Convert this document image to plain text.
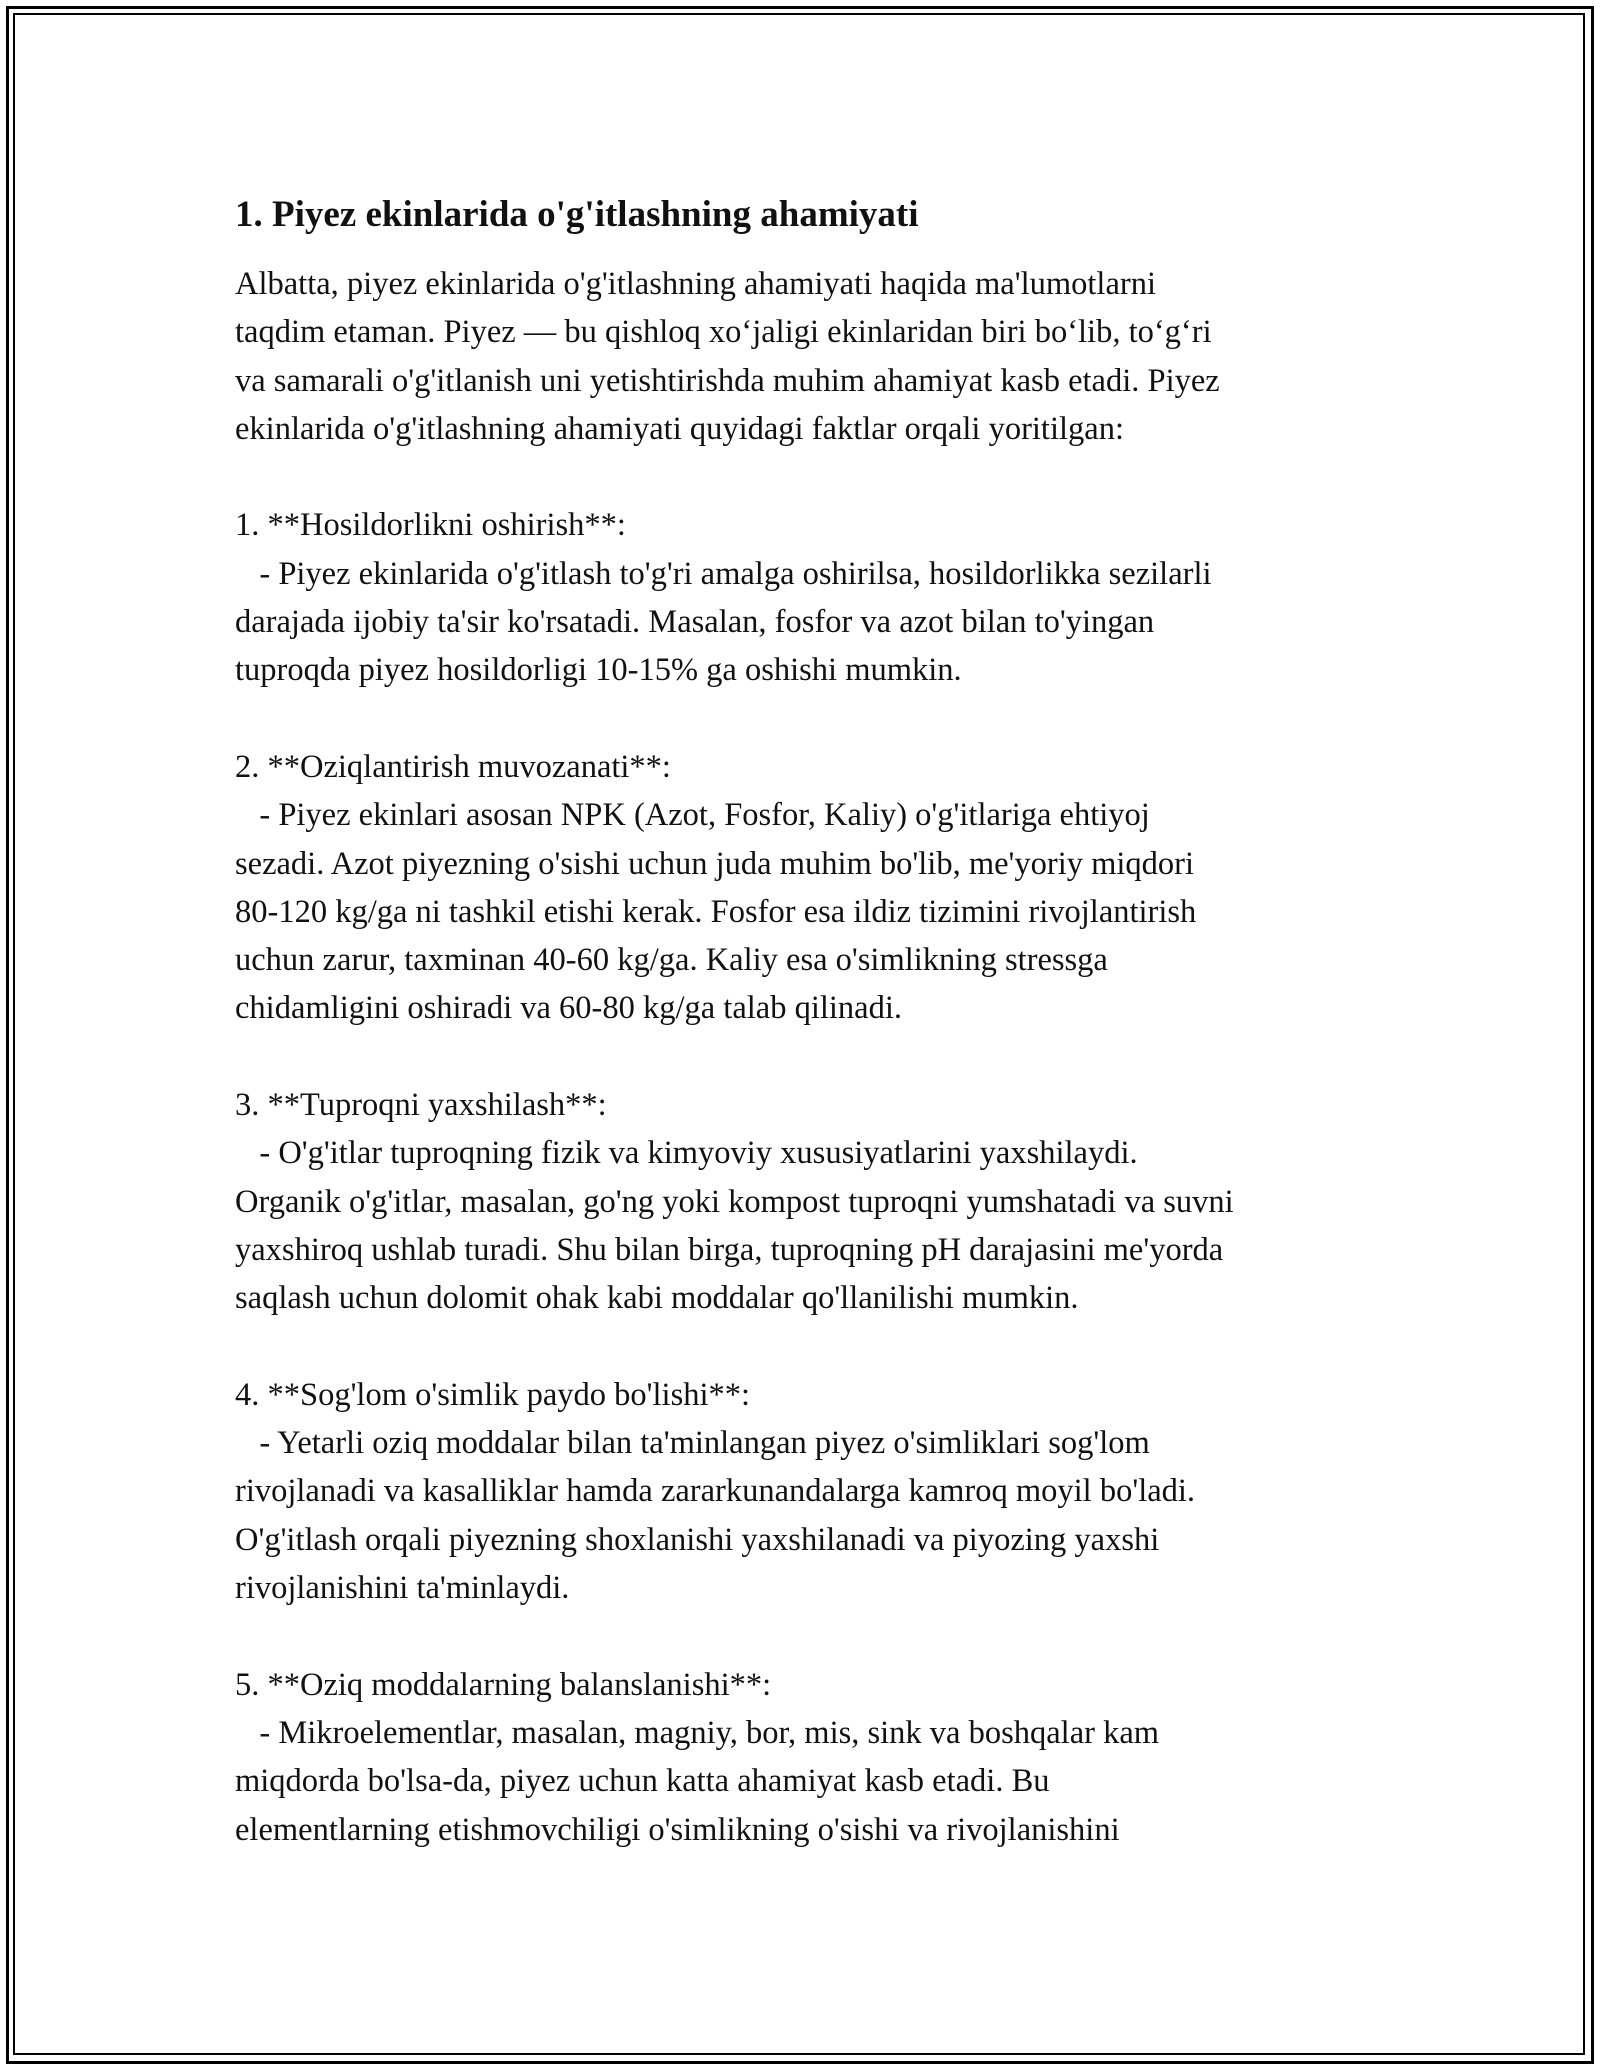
1. Piyez ekinlarida o'g'itlashning ahamiyati

Albatta, piyez ekinlarida o'g'itlashning ahamiyati haqida ma'lumotlarni

taqdim etaman. Piyez — bu qishloq xo‘jaligi ekinlaridan biri bo‘lib, to‘g‘ri

va samarali o'g'itlanish uni yetishtirishda muhim ahamiyat kasb etadi. Piyez

ekinlarida o'g'itlashning ahamiyati quyidagi faktlar orqali yoritilgan:

1. **Hosildorlikni oshirish**:

- Piyez ekinlarida o'g'itlash to'g'ri amalga oshirilsa, hosildorlikka sezilarli

darajada ijobiy ta'sir ko'rsatadi. Masalan, fosfor va azot bilan to'yingan

tuproqda piyez hosildorligi 10-15% ga oshishi mumkin.

2. **Oziqlantirish muvozanati**:

- Piyez ekinlari asosan NPK (Azot, Fosfor, Kaliy) o'g'itlariga ehtiyoj

sezadi. Azot piyezning o'sishi uchun juda muhim bo'lib, me'yoriy miqdori

80-120 kg/ga ni tashkil etishi kerak. Fosfor esa ildiz tizimini rivojlantirish

uchun zarur, taxminan 40-60 kg/ga. Kaliy esa o'simlikning stressga

chidamligini oshiradi va 60-80 kg/ga talab qilinadi.

3. **Tuproqni yaxshilash**:

- O'g'itlar tuproqning fizik va kimyoviy xususiyatlarini yaxshilaydi.

Organik o'g'itlar, masalan, go'ng yoki kompost tuproqni yumshatadi va suvni

yaxshiroq ushlab turadi. Shu bilan birga, tuproqning pH darajasini me'yorda

saqlash uchun dolomit ohak kabi moddalar qo'llanilishi mumkin.

4. **Sog'lom o'simlik paydo bo'lishi**:

- Yetarli oziq moddalar bilan ta'minlangan piyez o'simliklari sog'lom

rivojlanadi va kasalliklar hamda zararkunandalarga kamroq moyil bo'ladi.

O'g'itlash orqali piyezning shoxlanishi yaxshilanadi va piyozing yaxshi

rivojlanishini ta'minlaydi.

5. **Oziq moddalarning balanslanishi**:

- Mikroelementlar, masalan, magniy, bor, mis, sink va boshqalar kam

miqdorda bo'lsa-da, piyez uchun katta ahamiyat kasb etadi. Bu

elementlarning etishmovchiligi o'simlikning o'sishi va rivojlanishini
